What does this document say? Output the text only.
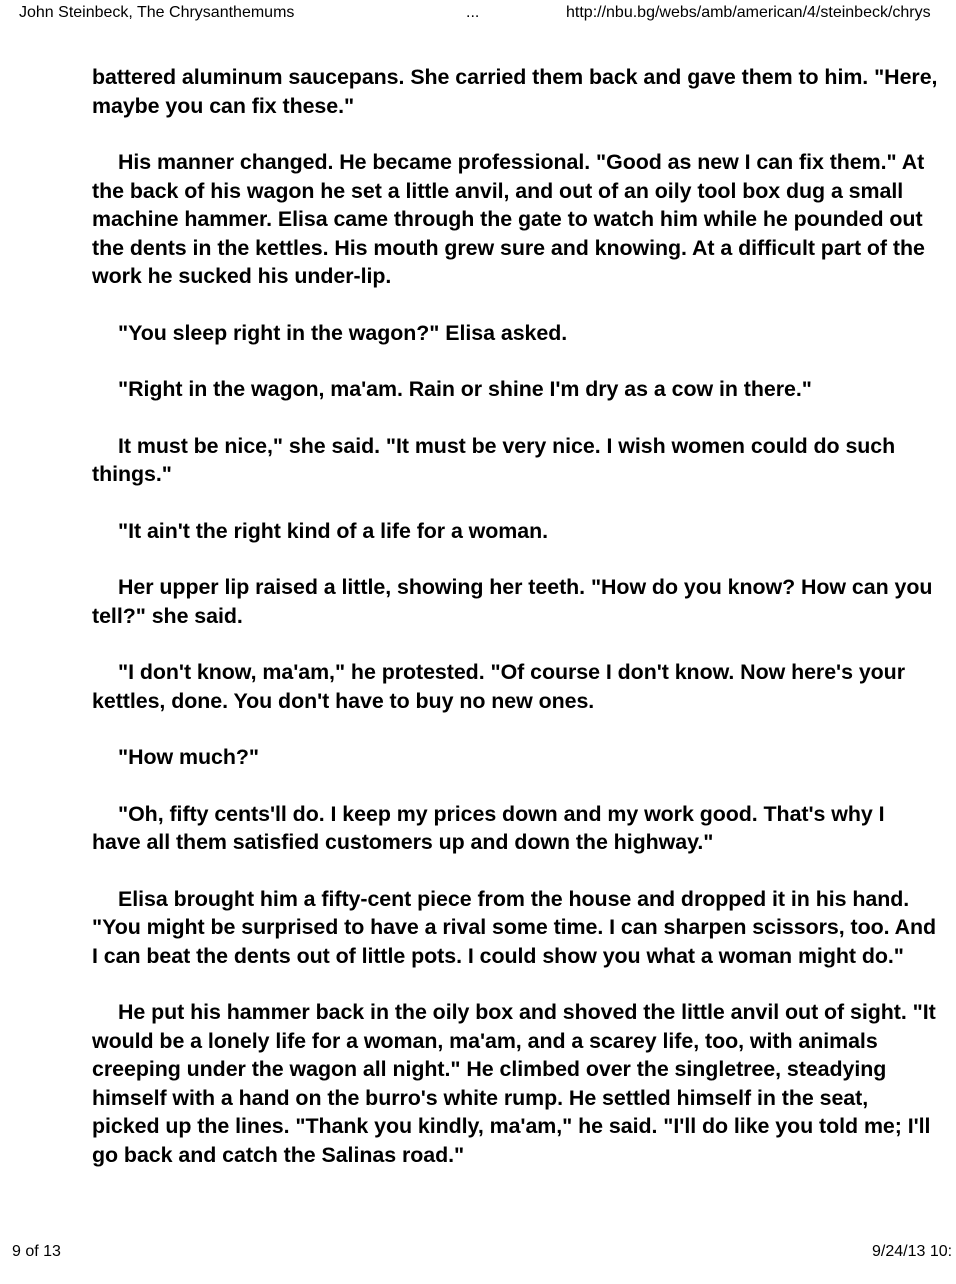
John Steinbeck, The Chrysanthemums	...	http://nbu.bg/webs/amb/american/4/steinbeck/chrys

battered aluminum saucepans. She carried them back and gave them to him. "Here, maybe you can fix these."

His manner changed. He became professional. "Good as new I can fix them." At the back of his wagon he set a little anvil, and out of an oily tool box dug a small machine hammer. Elisa came through the gate to watch him while he pounded out the dents in the kettles. His mouth grew sure and knowing. At a difficult part of the work he sucked his under-lip.

"You sleep right in the wagon?" Elisa asked.

"Right in the wagon, ma'am. Rain or shine I'm dry as a cow in there."

It must be nice," she said. "It must be very nice. I wish women could do such things."

"It ain't the right kind of a life for a woman.

Her upper lip raised a little, showing her teeth. "How do you know? How can you tell?" she said.

"I don't know, ma'am," he protested. "Of course I don't know. Now here's your kettles, done. You don't have to buy no new ones.

"How much?"

"Oh, fifty cents'll do. I keep my prices down and my work good. That's why I have all them satisfied customers up and down the highway."

Elisa brought him a fifty-cent piece from the house and dropped it in his hand. "You might be surprised to have a rival some time. I can sharpen scissors, too. And I can beat the dents out of little pots. I could show you what a woman might do."

He put his hammer back in the oily box and shoved the little anvil out of sight. "It would be a lonely life for a woman, ma'am, and a scarey life, too, with animals creeping under the wagon all night." He climbed over the singletree, steadying himself with a hand on the burro's white rump. He settled himself in the seat, picked up the lines. "Thank you kindly, ma'am," he said. "I'll do like you told me; I'll go back and catch the Salinas road."

9 of 13	9/24/13 10:
